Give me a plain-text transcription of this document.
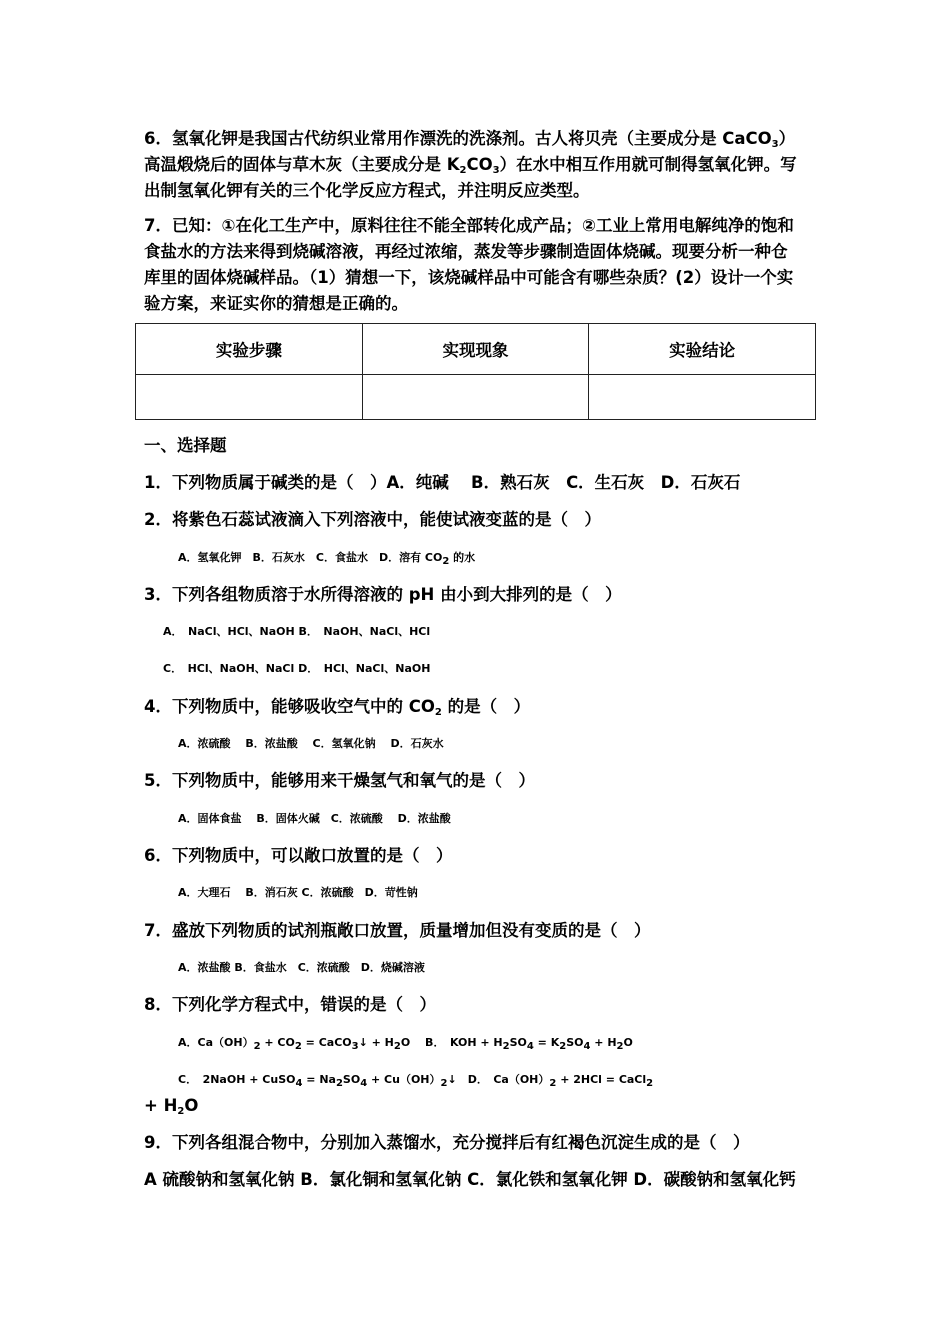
6．氢氧化钾是我国古代纺织业常用作漂洗的洗涤剂。古人将贝壳（主要成分是 CaCO$_3$）

高温煅烧后的固体与草木灰（主要成分是 $K_2CO_3$）在水中相互作用就可制得氢氧化钾。写

出制氢氧化钾有关的三个化学反应方程式，并注明反应类型。

7．已知：①在化工生产中，原料往往不能全部转化成产品；②工业上常用电解纯净的饱和

食盐水的方法来得到烧碱溶液，再经过浓缩，蒸发等步骤制造固体烧碱。现要分析一种仓

库里的固体烧碱样品。（1）猜想一下，该烧碱样品中可能含有哪些杂质？(2）设计一个实

验方案，来证实你的猜想是正确的。

实验步骤	实现现象	实验结论

一、选择题

1．下列物质属于碱类的是（　）A．纯碱　 B．熟石灰　C．生石灰　D．石灰石

2．将紫色石蕊试液滴入下列溶液中，能使试液变蓝的是（　）

A．氢氧化钾　B．石灰水　C．食盐水　D．溶有 $CO_2$ 的水

3．下列各组物质溶于水所得溶液的 pH 由小到大排列的是（　）

A．　NaCl、HCl、NaOH B．　NaOH、NaCl、HCl

C．　HCl、NaOH、NaCl D．　HCl、NaCl、NaOH

4．下列物质中，能够吸收空气中的 $CO_2$ 的是（　）

A．浓硫酸　 B．浓盐酸　 C．氢氧化钠　 D．石灰水

5．下列物质中，能够用来干燥氢气和氧气的是（　）

A．固体食盐　 B．固体火碱　C．浓硫酸　 D．浓盐酸

6．下列物质中，可以敞口放置的是（　）

A．大理石　 B．消石灰 C．浓硫酸　D．苛性钠

7．盛放下列物质的试剂瓶敞口放置，质量增加但没有变质的是（　）

A．浓盐酸 B．食盐水　C．浓硫酸　D．烧碱溶液

8．下列化学方程式中，错误的是（　）

A．$Ca(OH)_2 + CO_2$ = CaCO$_3$↓ + $H_2O$　 B．　KOH + $H_2SO_4 = K_2SO_4 + H_2O$

C．　2NaOH + CuSO$_4$ = $Na_2SO_4$ + $Cu(OH)_2↓$　D．　$Ca(OH)_2 + 2HCl$ = CaCl$_2$

+ $H_2O$

9．下列各组混合物中，分别加入蒸馏水，充分搅拌后有红褐色沉淀生成的是（　）

A 硫酸钠和氢氧化钠 B．氯化铜和氢氧化钠 C．氯化铁和氢氧化钾 D．碳酸钠和氢氧化钙
